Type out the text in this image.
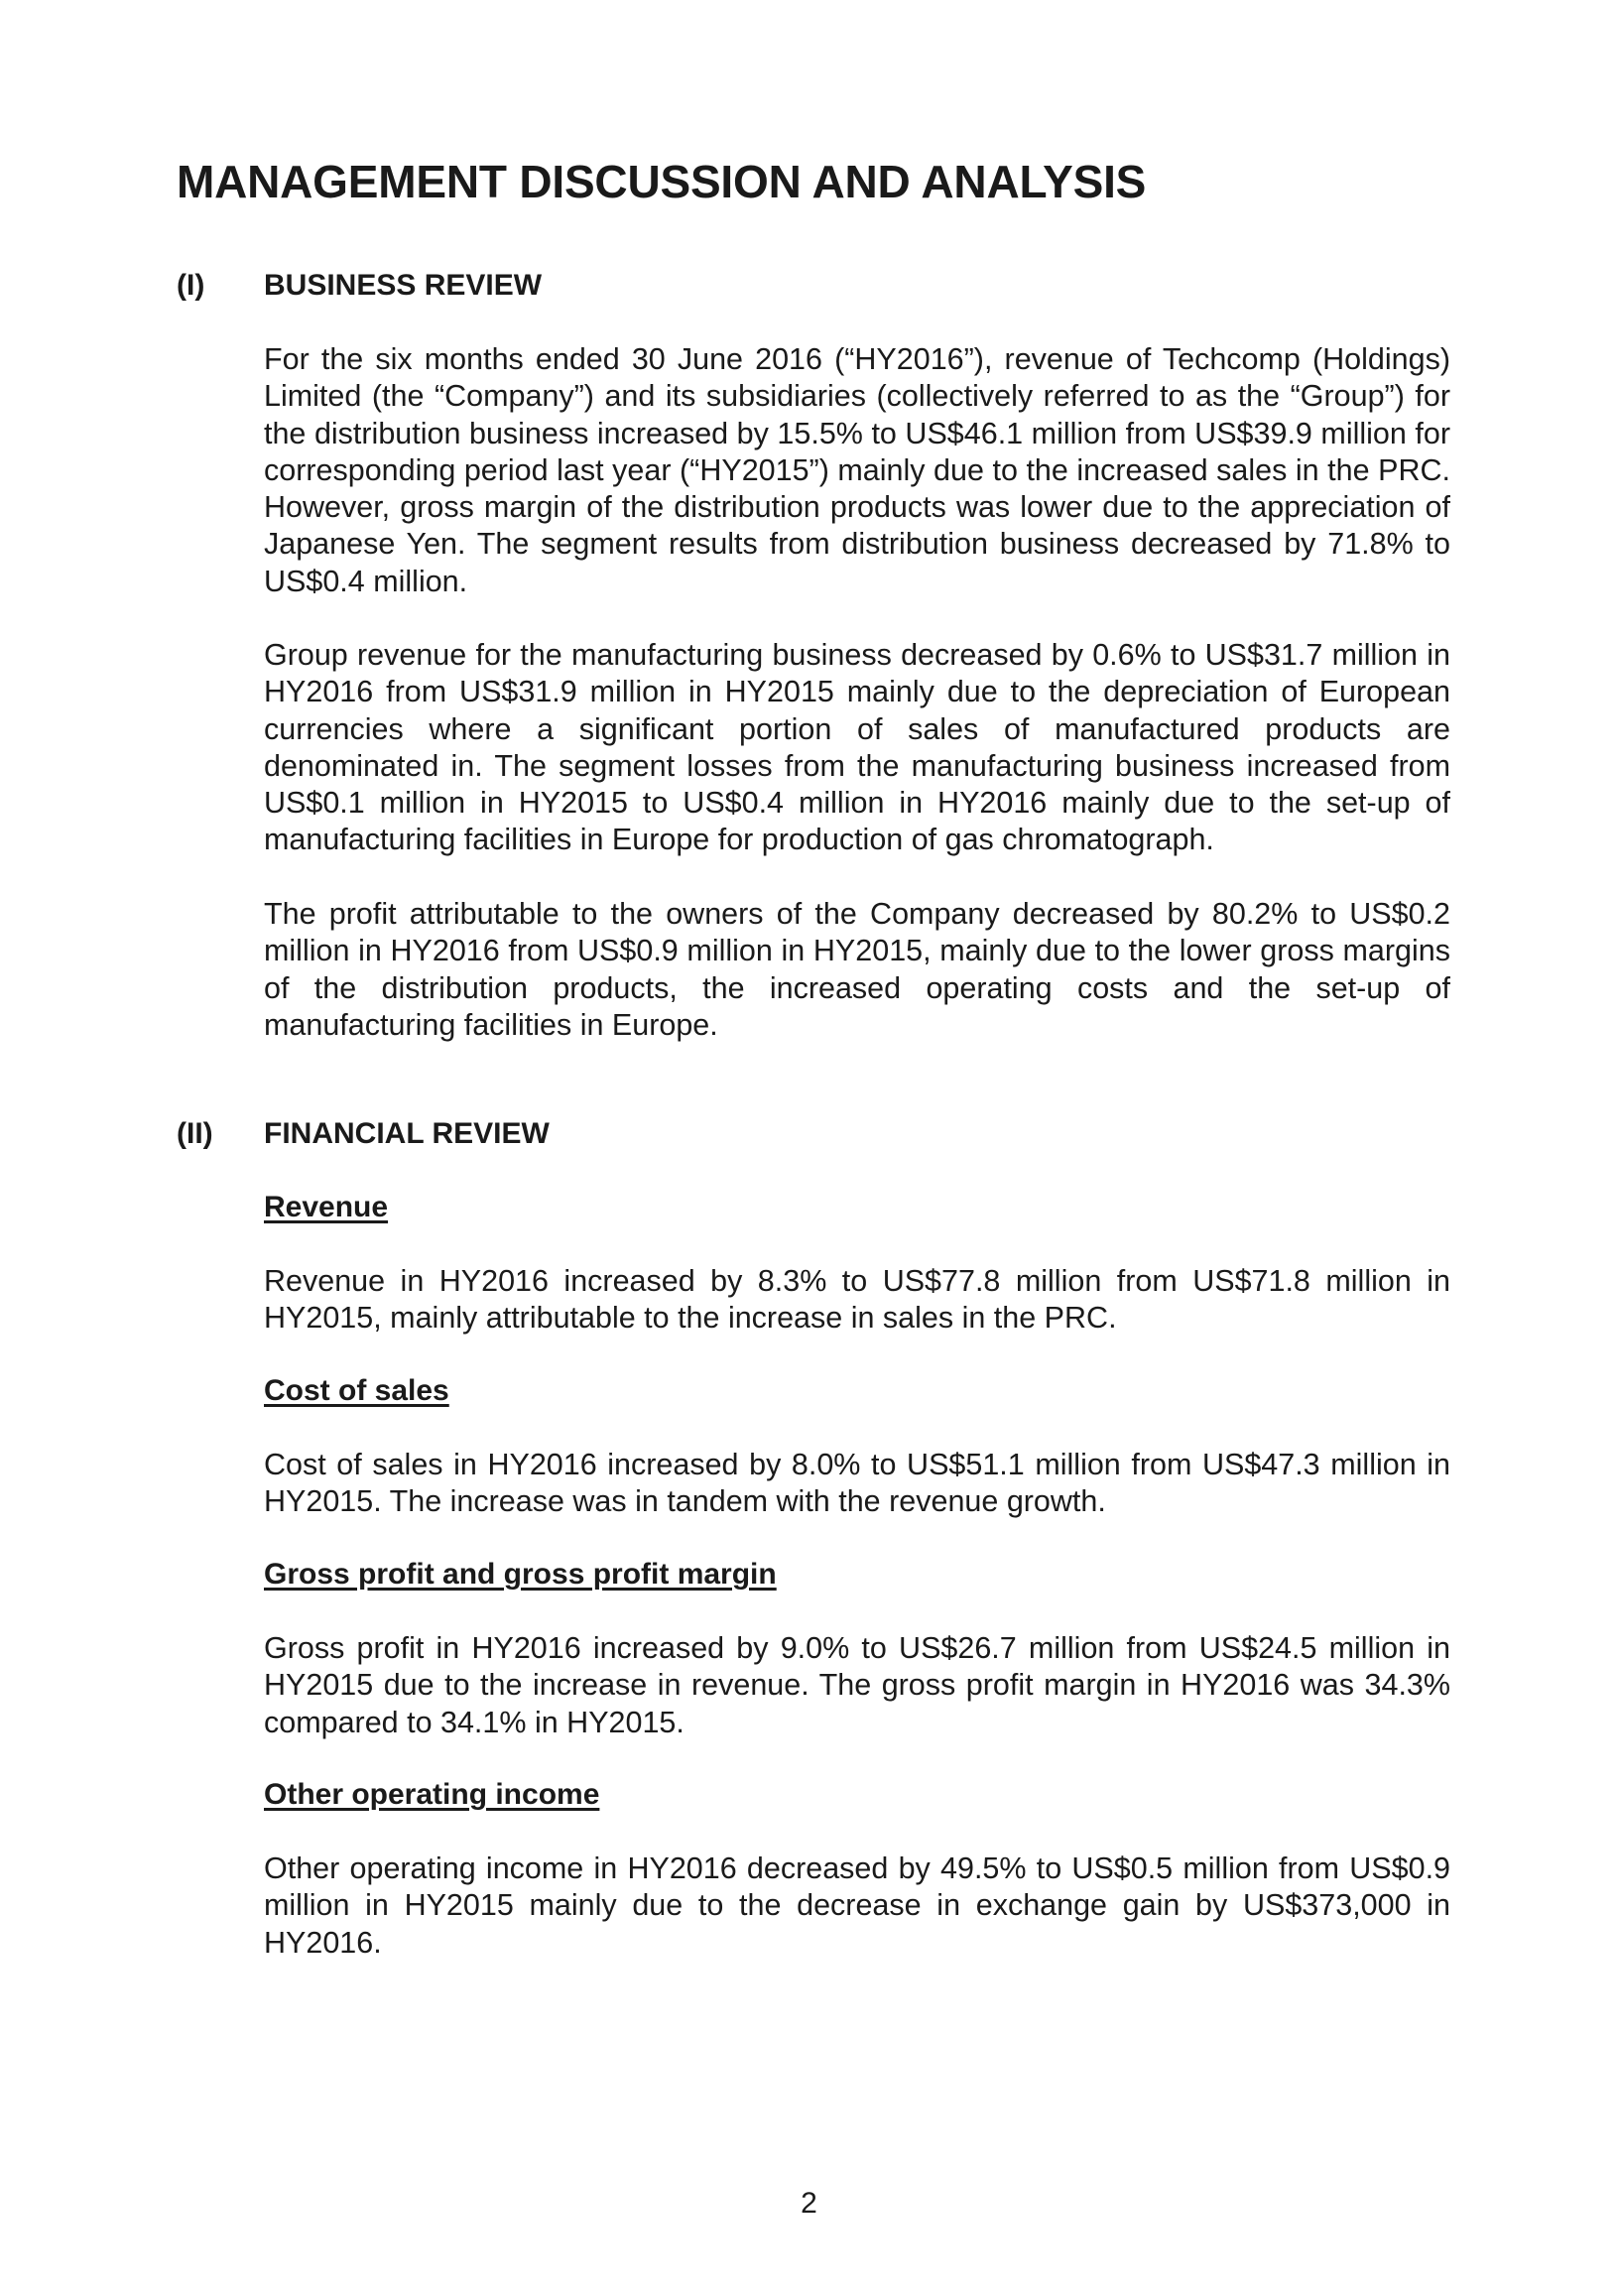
MANAGEMENT DISCUSSION AND ANALYSIS
(I) BUSINESS REVIEW

For the six months ended 30 June 2016 (“HY2016”), revenue of Techcomp (Holdings) Limited (the “Company”) and its subsidiaries (collectively referred to as the “Group”) for the distribution business increased by 15.5% to US$46.1 million from US$39.9 million for corresponding period last year (“HY2015”) mainly due to the increased sales in the PRC. However, gross margin of the distribution products was lower due to the appreciation of Japanese Yen. The segment results from distribution business decreased by 71.8% to US$0.4 million.

Group revenue for the manufacturing business decreased by 0.6% to US$31.7 million in HY2016 from US$31.9 million in HY2015 mainly due to the depreciation of European currencies where a significant portion of sales of manufactured products are denominated in. The segment losses from the manufacturing business increased from US$0.1 million in HY2015 to US$0.4 million in HY2016 mainly due to the set-up of manufacturing facilities in Europe for production of gas chromatograph.

The profit attributable to the owners of the Company decreased by 80.2% to US$0.2 million in HY2016 from US$0.9 million in HY2015, mainly due to the lower gross margins of the distribution products, the increased operating costs and the set-up of manufacturing facilities in Europe.

(II) FINANCIAL REVIEW
Revenue

Revenue in HY2016 increased by 8.3% to US$77.8 million from US$71.8 million in HY2015, mainly attributable to the increase in sales in the PRC.

Cost of sales

Cost of sales in HY2016 increased by 8.0% to US$51.1 million from US$47.3 million in HY2015. The increase was in tandem with the revenue growth.

Gross profit and gross profit margin

Gross profit in HY2016 increased by 9.0% to US$26.7 million from US$24.5 million in HY2015 due to the increase in revenue. The gross profit margin in HY2016 was 34.3% compared to 34.1% in HY2015.

Other operating income

Other operating income in HY2016 decreased by 49.5% to US$0.5 million from US$0.9 million in HY2015 mainly due to the decrease in exchange gain by US$373,000 in HY2016.

2
